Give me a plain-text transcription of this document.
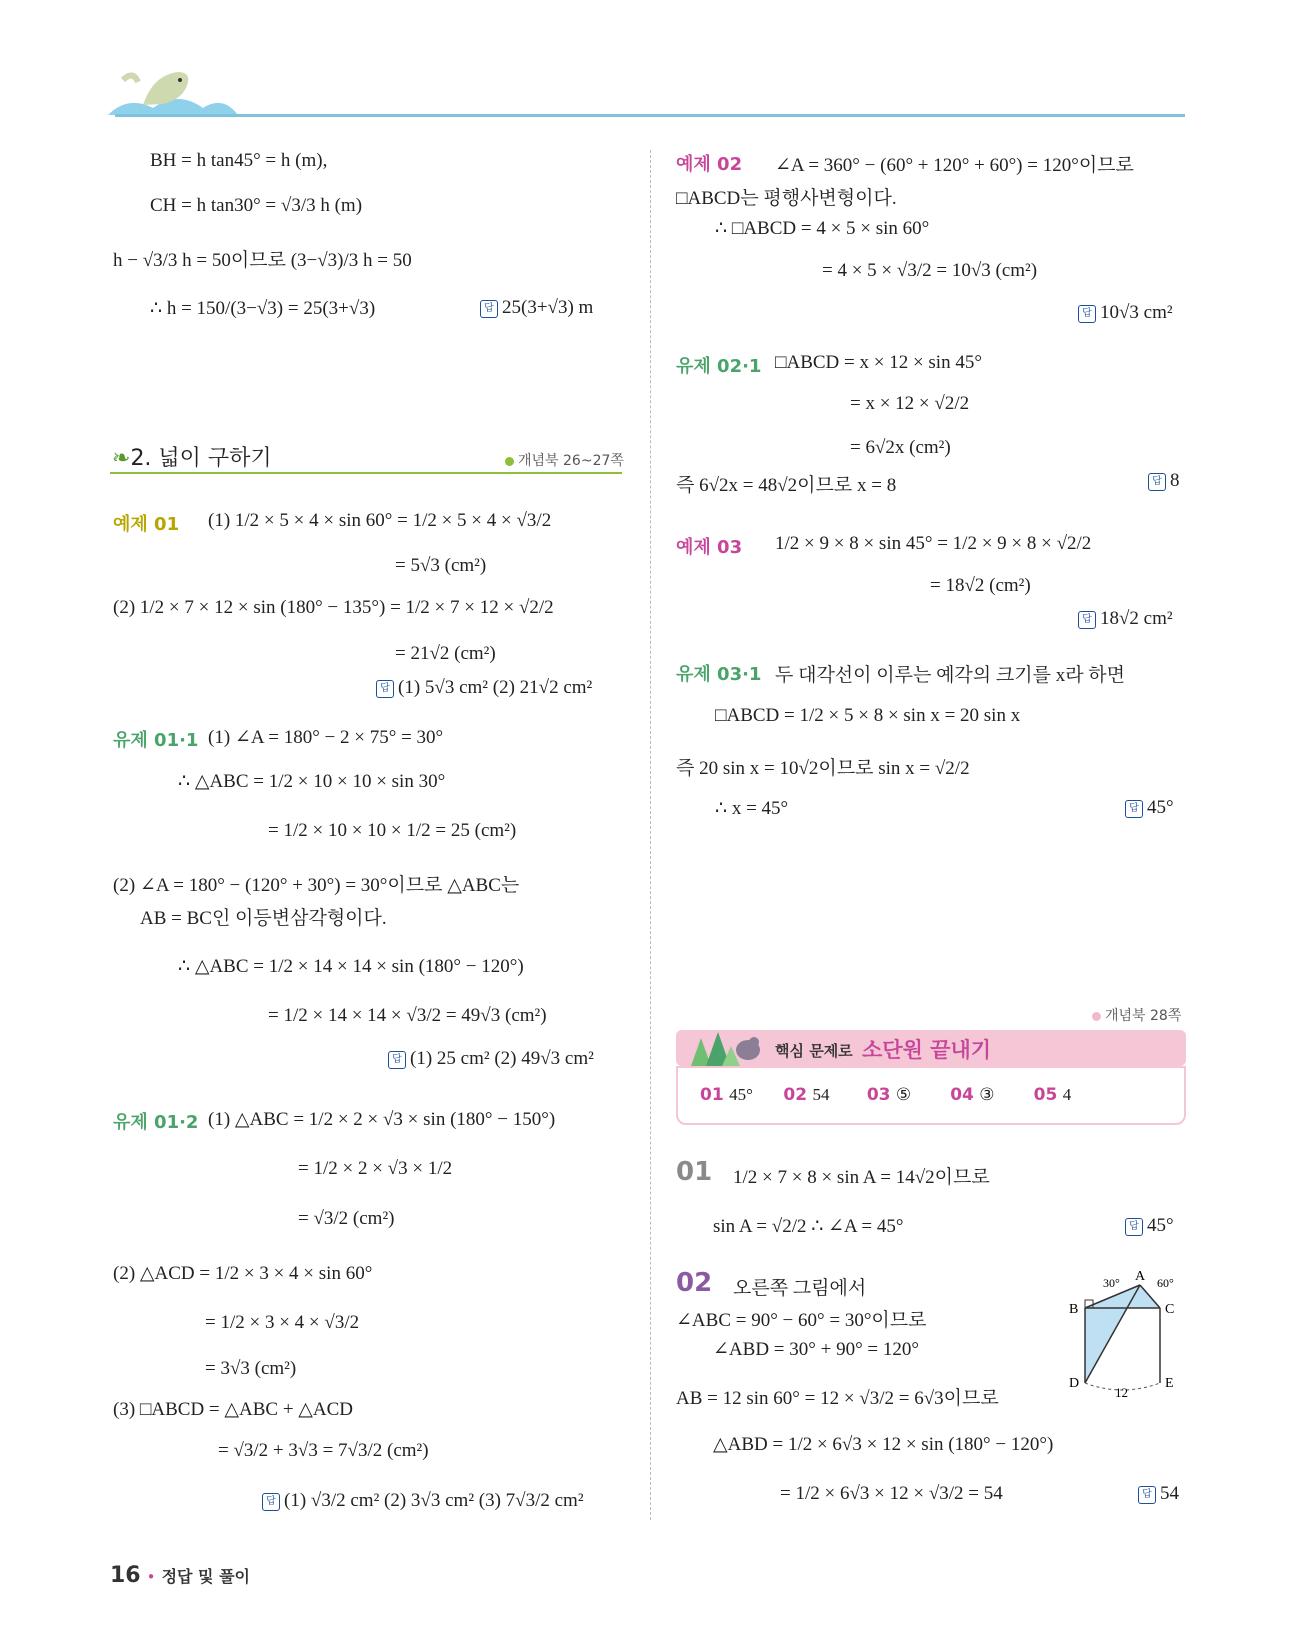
BH = h tan45° = h (m),
CH = h tan30° = √3/3 h (m)
h − √3/3 h = 50이므로 (3−√3)/3 h = 50
∴ h = 150/(3−√3) = 25(3+√3)	답 25(3+√3) m
❧2. 넓이 구하기	개념북 26~27쪽
예제 01 (1) 1/2 × 5 × 4 × sin 60° = 1/2 × 5 × 4 × √3/2
= 5√3 (cm²)
(2) 1/2 × 7 × 12 × sin (180° − 135°) = 1/2 × 7 × 12 × √2/2
= 21√2 (cm²)
답 (1) 5√3 cm² (2) 21√2 cm²
유제 01·1 (1) ∠A = 180° − 2 × 75° = 30°
∴ △ABC = 1/2 × 10 × 10 × sin 30°
= 1/2 × 10 × 10 × 1/2 = 25 (cm²)
(2) ∠A = 180° − (120° + 30°) = 30°이므로 △ABC는
AB = BC인 이등변삼각형이다.
∴ △ABC = 1/2 × 14 × 14 × sin (180° − 120°)
= 1/2 × 14 × 14 × √3/2 = 49√3 (cm²)
답 (1) 25 cm² (2) 49√3 cm²
유제 01·2 (1) △ABC = 1/2 × 2 × √3 × sin (180° − 150°)
= 1/2 × 2 × √3 × 1/2
= √3/2 (cm²)
(2) △ACD = 1/2 × 3 × 4 × sin 60°
= 1/2 × 3 × 4 × √3/2
= 3√3 (cm²)
(3) □ABCD = △ABC + △ACD
= √3/2 + 3√3 = 7√3/2 (cm²)
답 (1) √3/2 cm² (2) 3√3 cm² (3) 7√3/2 cm²
예제 02 ∠A = 360° − (60° + 120° + 60°) = 120°이므로
□ABCD는 평행사변형이다.
∴ □ABCD = 4 × 5 × sin 60°
= 4 × 5 × √3/2 = 10√3 (cm²)
답 10√3 cm²
유제 02·1 □ABCD = x × 12 × sin 45°
= x × 12 × √2/2
= 6√2x (cm²)
즉 6√2x = 48√2이므로 x = 8	답 8
예제 03 1/2 × 9 × 8 × sin 45° = 1/2 × 9 × 8 × √2/2
= 18√2 (cm²)
답 18√2 cm²
유제 03·1 두 대각선이 이루는 예각의 크기를 x라 하면
□ABCD = 1/2 × 5 × 8 × sin x = 20 sin x
즉 20 sin x = 10√2이므로 sin x = √2/2
∴ x = 45°	답 45°
개념북 28쪽
핵심 문제로 소단원 끝내기
01 45° 02 54 03 ⑤ 04 ③ 05 4
01 1/2 × 7 × 8 × sin A = 14√2이므로
sin A = √2/2 ∴ ∠A = 45°	답 45°
02 오른쪽 그림에서
∠ABC = 90° − 60° = 30°이므로
∠ABD = 30° + 90° = 120°
AB = 12 sin 60° = 12 × √3/2 = 6√3이므로
△ABD = 1/2 × 6√3 × 12 × sin (180° − 120°)
= 1/2 × 6√3 × 12 × √3/2 = 54	답 54
A
B	C
D	E
30°	60°
12
16 • 정답 및 풀이
